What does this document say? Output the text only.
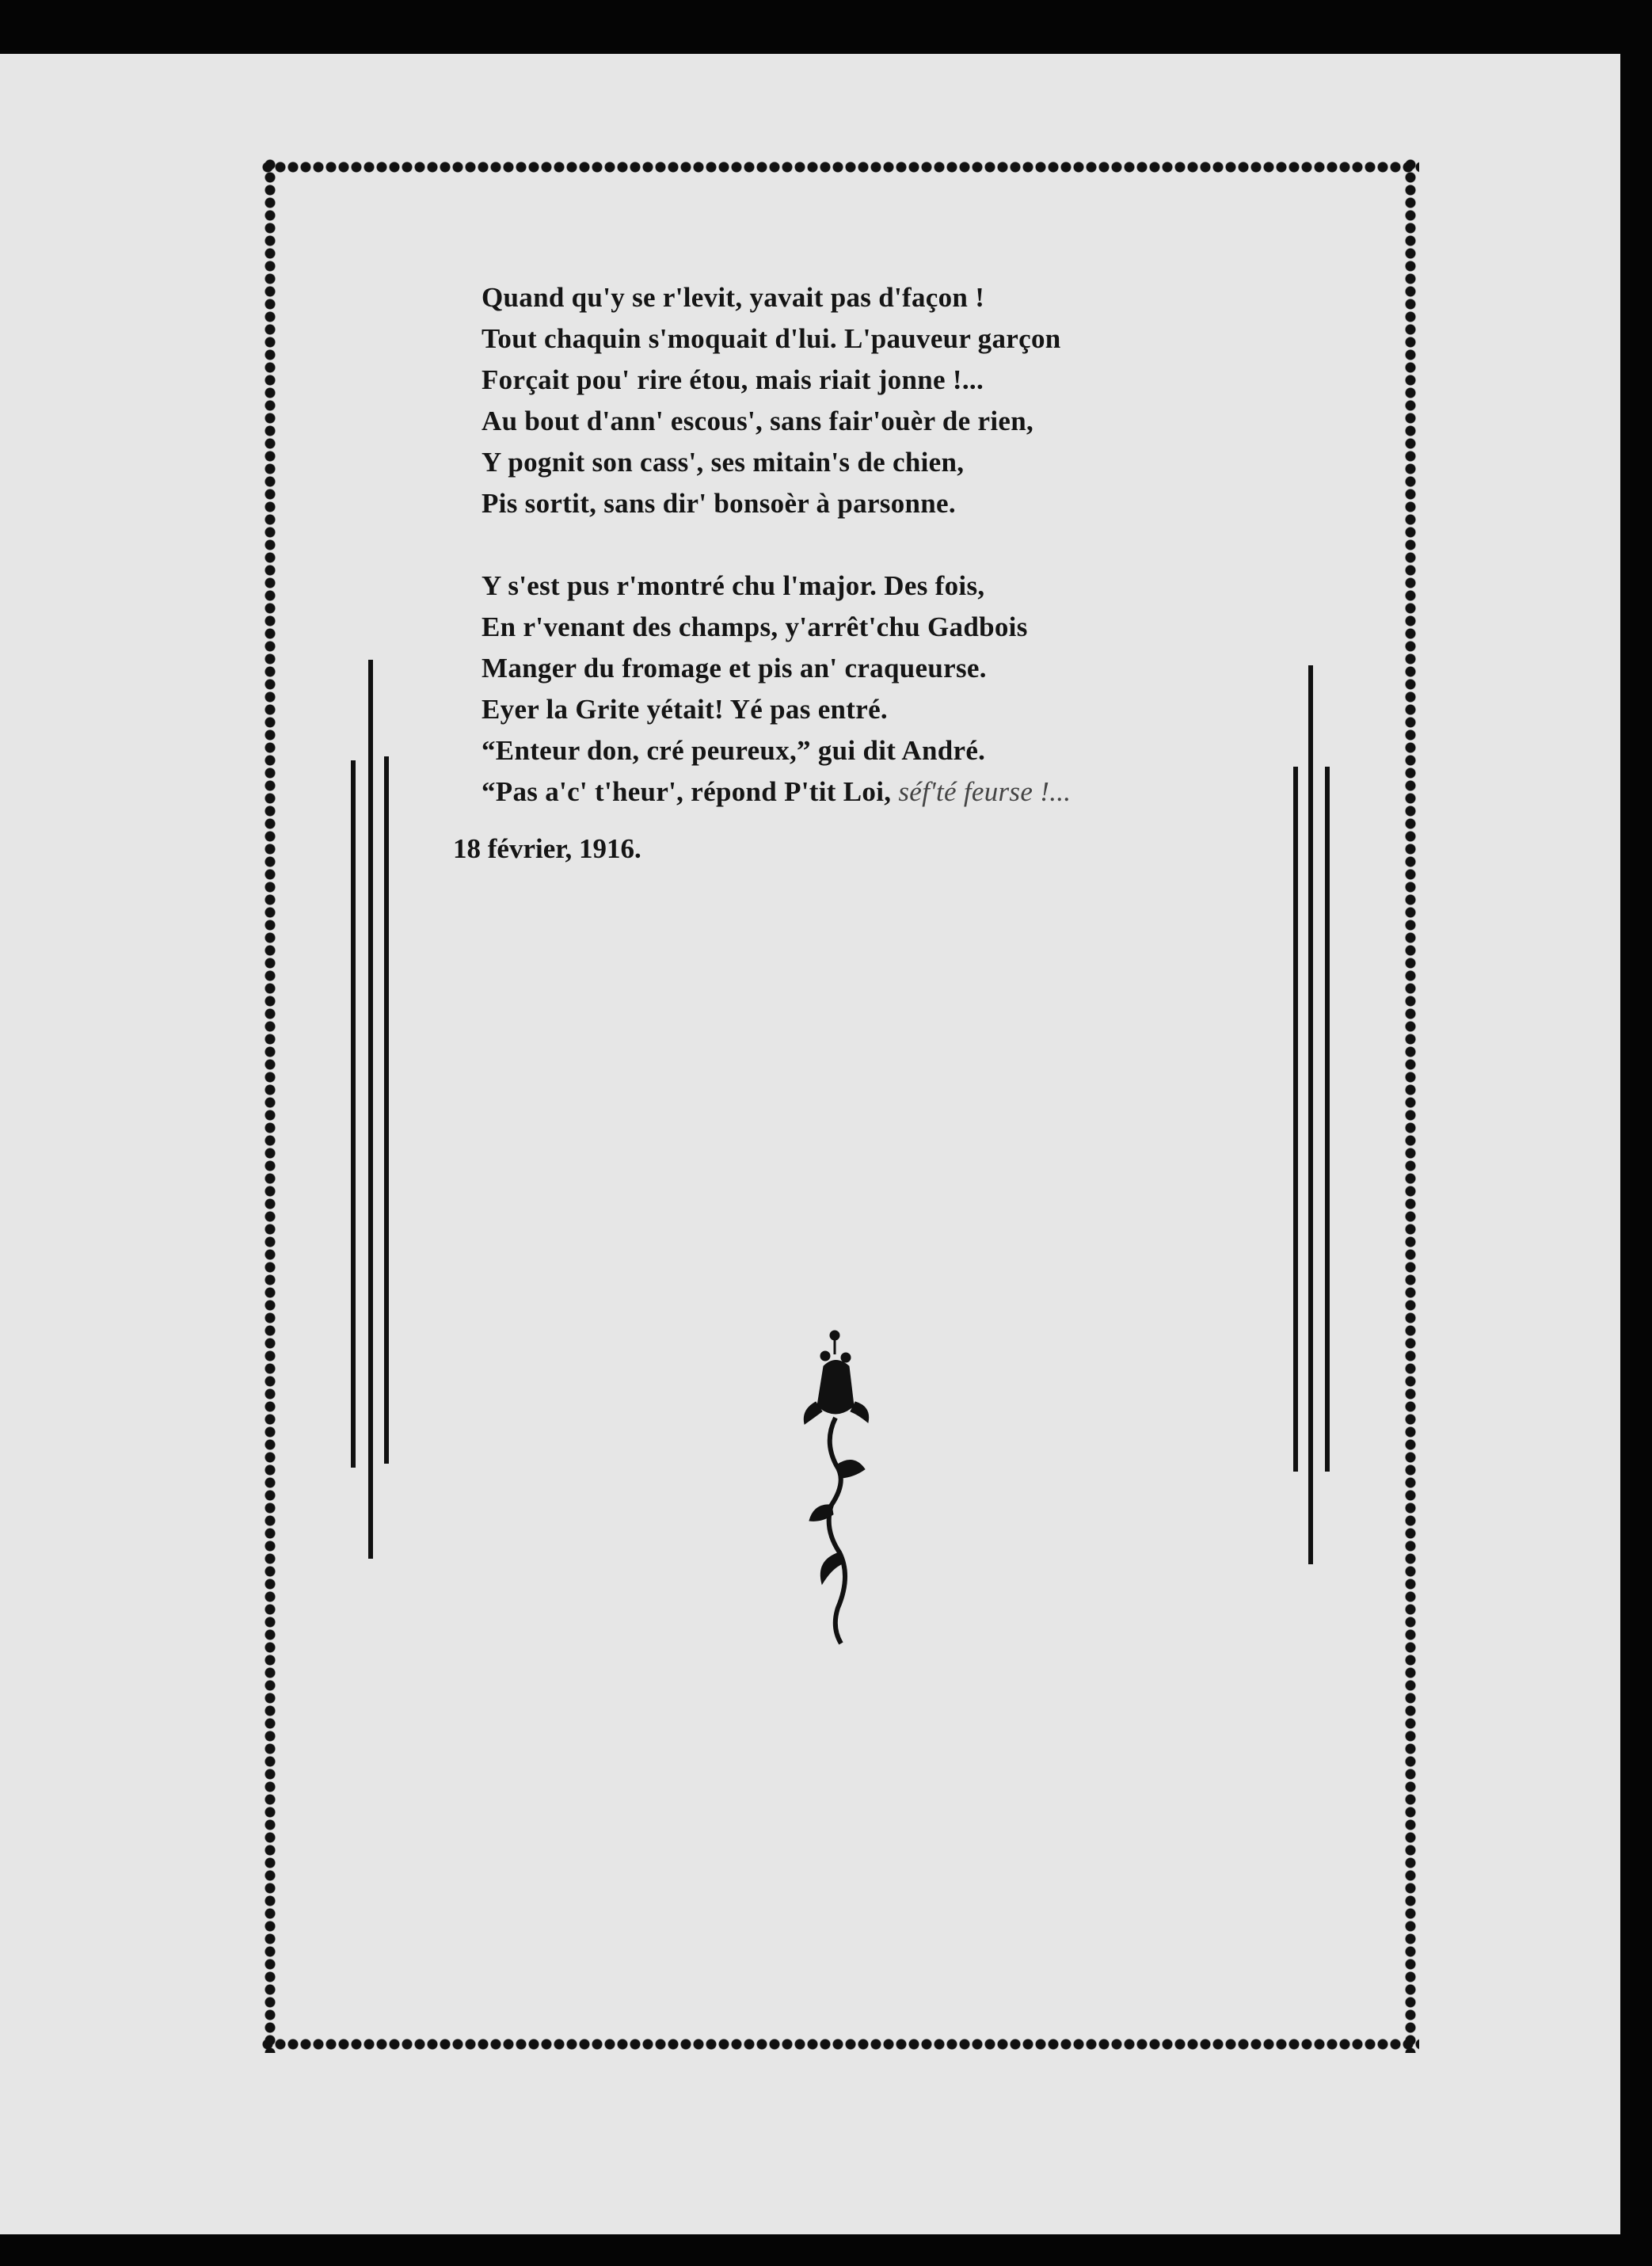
Quand qu'y se r'levit, yavait pas d'façon !
Tout chaquin s'moquait d'lui. L'pauveur garçon
Forçait pou' rire étou, mais riait jonne !...
Au bout d'ann' escous', sans fair'ouèr de rien,
Y pognit son cass', ses mitain's de chien,
Pis sortit, sans dir' bonsoèr à parsonne.
Y s'est pus r'montré chu l'major. Des fois,
En r'venant des champs, y'arrêt'chu Gadbois
Manger du fromage et pis an' craqueurse.
Eyer la Grite yétait! Yé pas entré.
“Enteur don, cré peureux,” gui dit André.
“Pas a'c' t'heur', répond P'tit Loi, séf'té feurse !...
18 février, 1916.
